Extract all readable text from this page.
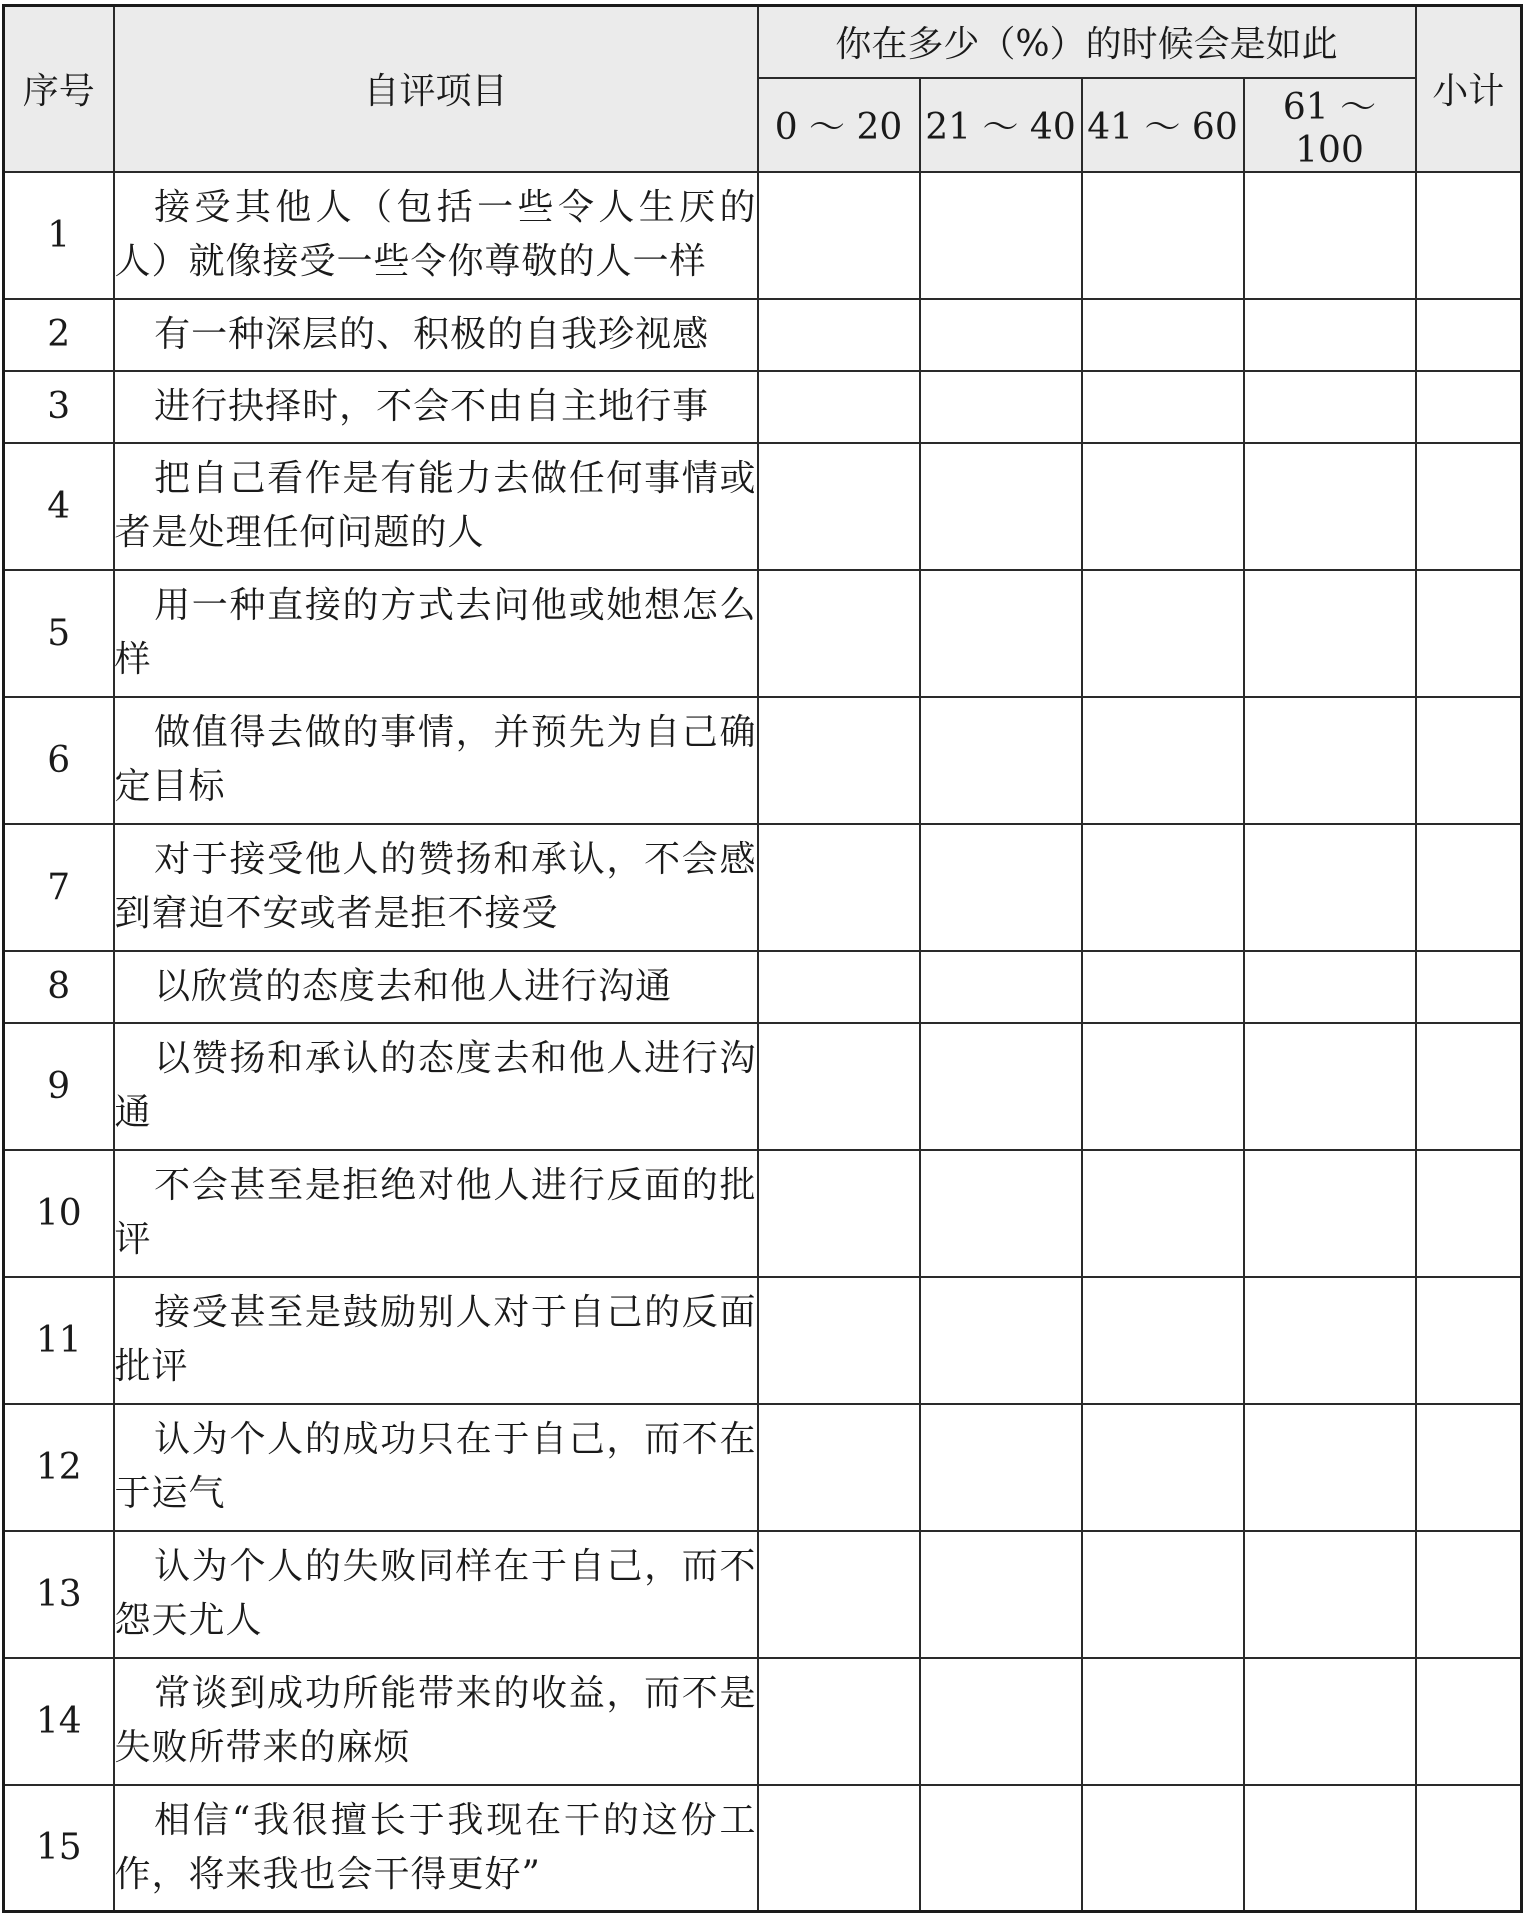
序号	自评项目	你在多少（%）的时候会是如此				小计
		0 ～ 20	21 ～ 40	41 ～ 60	61 ～ 100	
1	接受其他人（包括一些令人生厌的人）就像接受一些令你尊敬的人一样					
2	有一种深层的、积极的自我珍视感					
3	进行抉择时，不会不由自主地行事					
4	把自己看作是有能力去做任何事情或者是处理任何问题的人					
5	用一种直接的方式去问他或她想怎么样					
6	做值得去做的事情，并预先为自己确定目标					
7	对于接受他人的赞扬和承认，不会感到窘迫不安或者是拒不接受					
8	以欣赏的态度去和他人进行沟通					
9	以赞扬和承认的态度去和他人进行沟通					
10	不会甚至是拒绝对他人进行反面的批评					
11	接受甚至是鼓励别人对于自己的反面批评					
12	认为个人的成功只在于自己，而不在于运气					
13	认为个人的失败同样在于自己，而不怨天尤人					
14	常谈到成功所能带来的收益，而不是失败所带来的麻烦					
15	相信“我很擅长于我现在干的这份工作，将来我也会干得更好”					
